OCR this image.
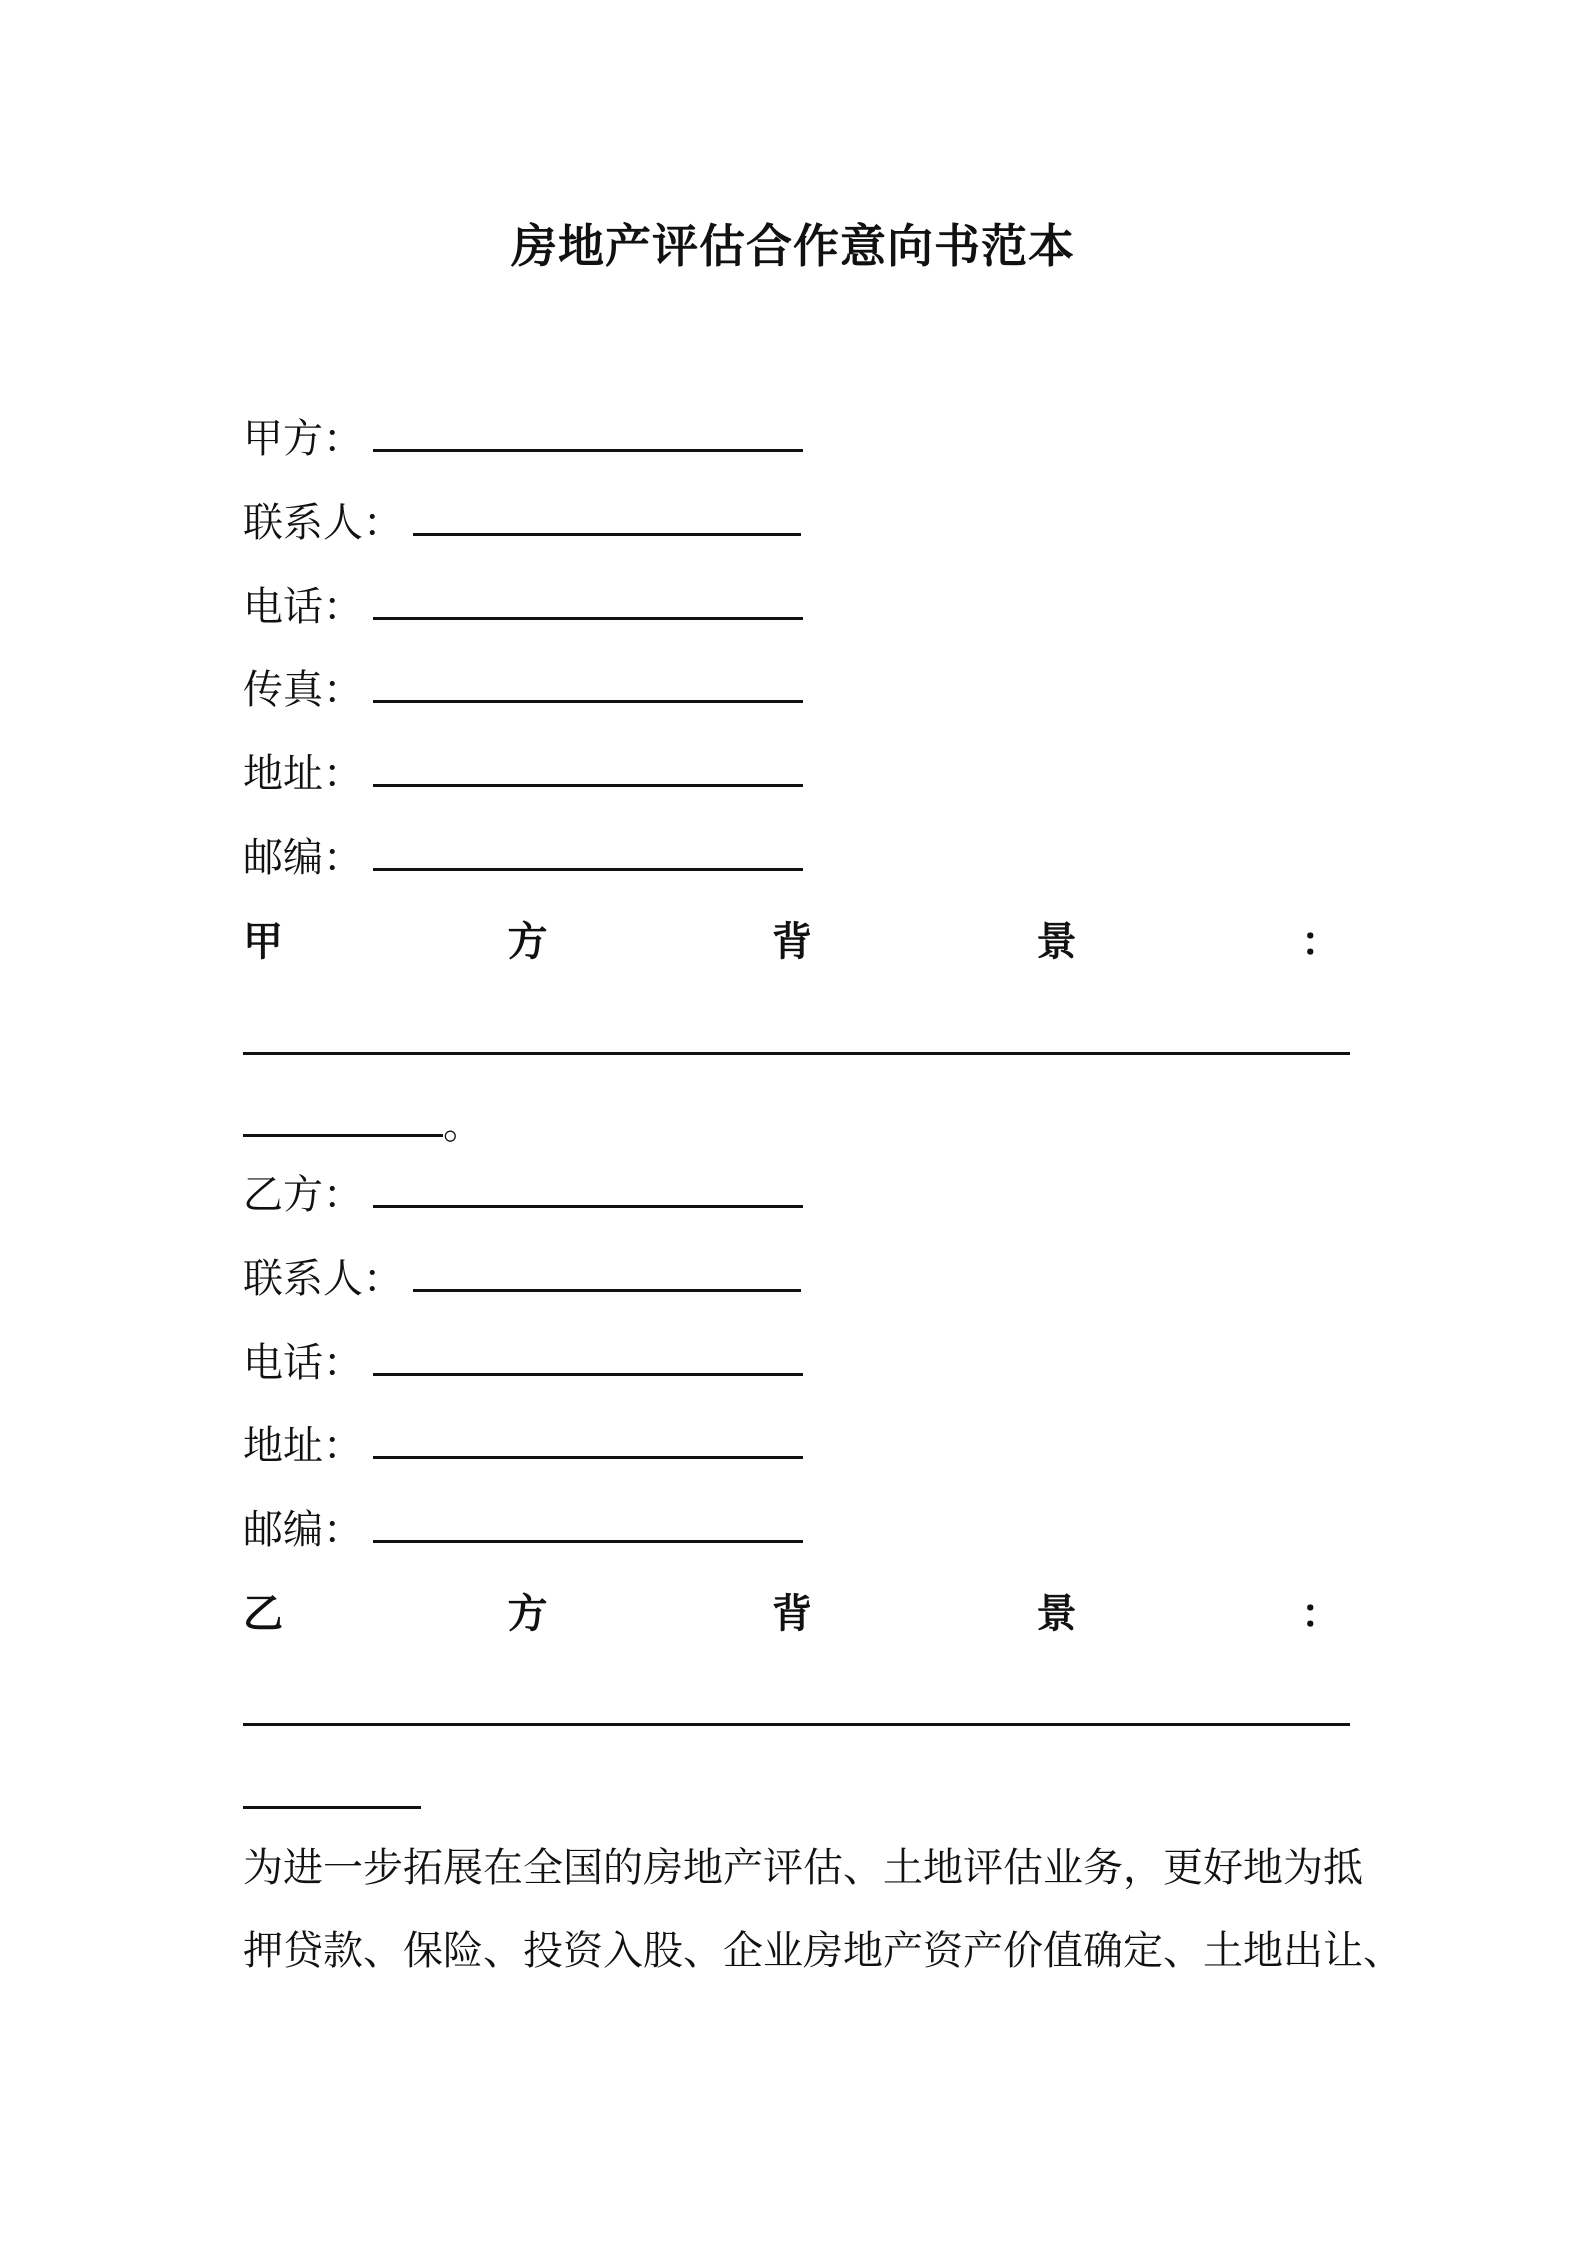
房地产评估合作意向书范本
甲方：
联系人：
电话：
传真：
地址：
邮编：
甲	方	背	景	：
。
乙方：
联系人：
电话：
地址：
邮编：
乙	方	背	景	：
为进一步拓展在全国的房地产评估、土地评估业务，更好地为抵
押贷款、保险、投资入股、企业房地产资产价值确定、土地出让、
